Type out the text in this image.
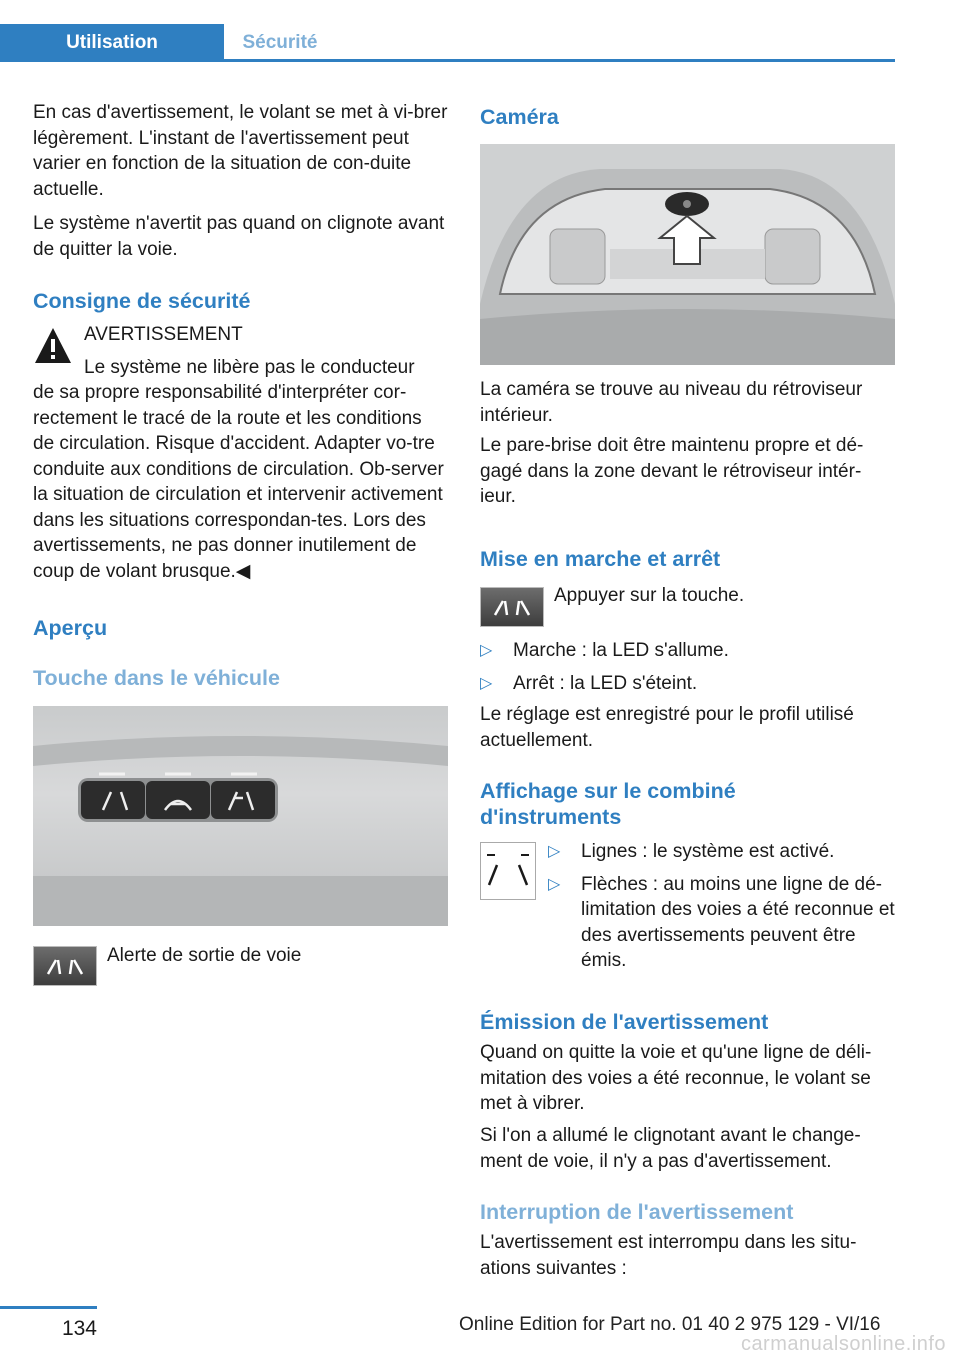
Utilisation	Sécurité

En cas d'avertissement, le volant se met à vi-brer légèrement. L'instant de l'avertissement peut varier en fonction de la situation de con-duite actuelle.

Le système n'avertit pas quand on clignote avant de quitter la voie.

Consigne de sécurité
AVERTISSEMENT
Le système ne libère pas le conducteur

de sa propre responsabilité d'interpréter cor-rectement le tracé de la route et les conditions de circulation. Risque d'accident. Adapter vo-tre conduite aux conditions de circulation. Ob-server la situation de circulation et intervenir activement dans les situations correspondan-tes. Lors des avertissements, ne pas donner inutilement de coup de volant brusque.◀

Aperçu
Touche dans le véhicule
Alerte de sortie de voie
Caméra

La caméra se trouve au niveau du rétroviseur intérieur.

Le pare-brise doit être maintenu propre et dé-gagé dans la zone devant le rétroviseur intér-ieur.

Mise en marche et arrêt
Appuyer sur la touche.
▷ Marche : la LED s'allume.
▷ Arrêt : la LED s'éteint.

Le réglage est enregistré pour le profil utilisé actuellement.

Affichage sur le combiné d'instruments
▷ Lignes : le système est activé.
▷ Flèches : au moins une ligne de dé-limitation des voies a été reconnue et des avertissements peuvent être émis.
Émission de l'avertissement

Quand on quitte la voie et qu'une ligne de déli-mitation des voies a été reconnue, le volant se met à vibrer.

Si l'on a allumé le clignotant avant le change-ment de voie, il n'y a pas d'avertissement.

Interruption de l'avertissement

L'avertissement est interrompu dans les situ-ations suivantes :

134	Online Edition for Part no. 01 40 2 975 129 - VI/16
carmanualsonline.info
